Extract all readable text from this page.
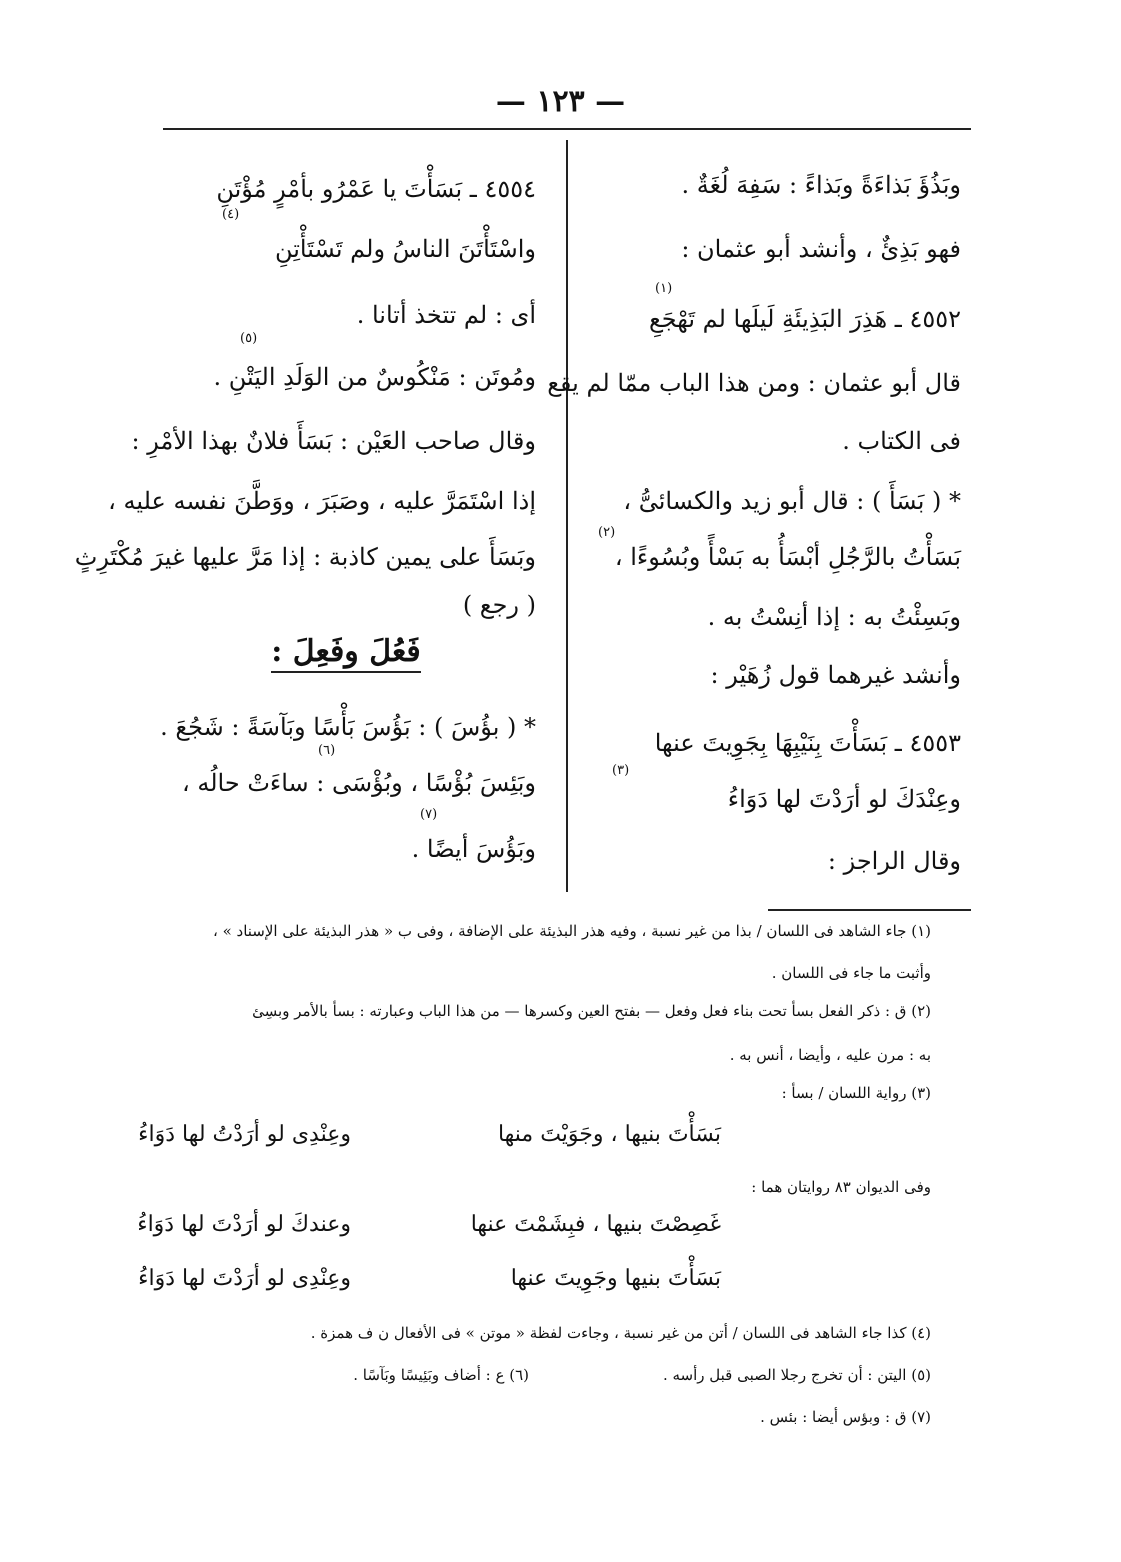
— ١٢٣ —
وبَذُؤَ بَذاءَةً وبَذاءً : سَفِهَ لُغَةٌ .
فهو بَذِئٌ ، وأنشد أبو عثمان :
(١)
٤٥٥٢ ـ هَذِرَ البَذِيئَةِ لَيلَها لم تَهْجَعِ
قال أبو عثمان : ومن هذا الباب ممّا لم يقع
فى الكتاب .
* ( بَسَأَ ) : قال أبو زيد والكسائىُّ ،
(٢)
بَسَأْتُ بالرَّجُلِ أبْسَأُ به بَسْأً وبُسُوءًا ،
وبَسِئْتُ به : إذا أنِسْتُ به .
وأنشد غيرهما قول زُهَيْر :
٤٥٥٣ ـ بَسَأْتَ بِنَيْبِهَا بِجَوِيتَ عنها
(٣)
وعِنْدَكَ لو أرَدْتَ لها دَوَاءُ
وقال الراجز :
٤٥٥٤ ـ بَسَأْتَ يا عَمْرُو بأمْرٍ مُؤْتَنِ
(٤)
واسْتَأْتَنَ الناسُ ولم تَسْتَأْتِنِ
أى : لم تتخذ أتانا .
(٥)
ومُوتَن : مَنْكُوسٌ من الوَلَدِ اليَتْنِ .
وقال صاحب العَيْن : بَسَأَ فلانٌ بهذا الأمْرِ :
إذا اسْتَمَرَّ عليه ، وصَبَرَ ، ووَطَّنَ نفسه عليه ،
وبَسَأَ على يمين كاذبة : إذا مَرَّ عليها غيرَ مُكْتَرِثٍ
( رجع )
فَعُلَ وفَعِلَ :
* ( بؤُسَ ) : بَؤُسَ بَأْسًا وبَآسَةً : شَجُعَ .
(٦)
وبَئِسَ بُؤْسًا ، وبُؤْسَى : ساءَتْ حالُه ،
(٧)
وبَؤُسَ أيضًا .
(١) جاء الشاهد فى اللسان / بذا من غير نسبة ، وفيه هذر البذيئة على الإضافة ، وفى ب « هذر البذيئة على الإسناد » ،
وأثبت ما جاء فى اللسان .
(٢) ق : ذكر الفعل بسأ تحت بناء فعل وفعل — بفتح العين وكسرها — من هذا الباب وعبارته : بسأ بالأمر وبسِئ
به : مرن عليه ، وأيضا ، أنس به .
(٣) رواية اللسان / بسأ :
بَسَأْتَ بنيها ، وجَوَيْتَ منها
وعِنْدِى لو أرَدْتُ لها دَوَاءُ
وفى الديوان ٨٣ روايتان هما :
غَصِصْتَ بنيها ، فبِشَمْتَ عنها
وعندكَ لو أرَدْتَ لها دَوَاءُ
بَسَأْتَ بنيها وجَوِيتَ عنها
وعِنْدِى لو أرَدْتَ لها دَوَاءُ
(٤) كذا جاء الشاهد فى اللسان / أتن من غير نسبة ، وجاءت لفظة « موتن » فى الأفعال ن ف همزة .
(٥) اليتن : أن تخرج رجلا الصبى قبل رأسه .
(٦) ع : أضاف وبَئِيسًا وبَآسًا .
(٧) ق : وبؤس أيضا : بئس .
